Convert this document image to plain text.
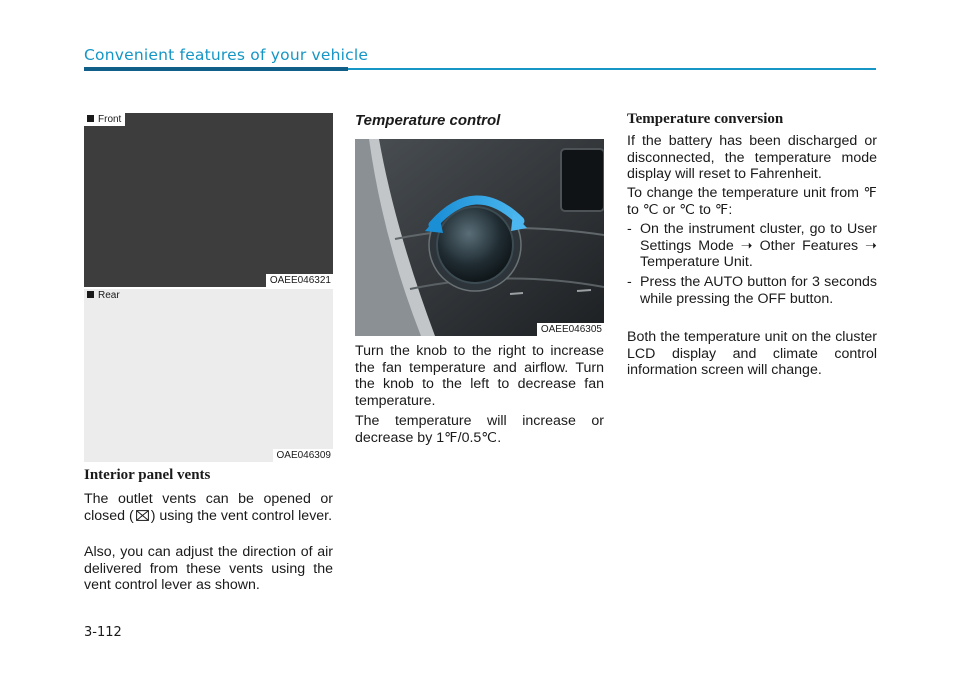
Convenient features of your vehicle
Front
OAEE046321
Rear
OAE046309
Interior panel vents

The outlet vents can be opened or closed ( ) using the vent control lever.

Also, you can adjust the direction of air delivered from these vents using the vent control lever as shown.

Temperature control
OAEE046305

Turn the knob to the right to increase the fan temperature and airflow. Turn the knob to the left to decrease fan temperature.

The temperature will increase or decrease by 1℉/0.5℃.

Temperature conversion

If the battery has been discharged or disconnected, the temperature mode display will reset to Fahrenheit.

To change the temperature unit from ℉ to ℃ or ℃ to ℉:

- On the instrument cluster, go to User Settings Mode ➝ Other Features ➝ Temperature Unit.
- Press the AUTO button for 3 seconds while pressing the OFF button.

Both the temperature unit on the cluster LCD display and climate control information screen will change.

3-112
